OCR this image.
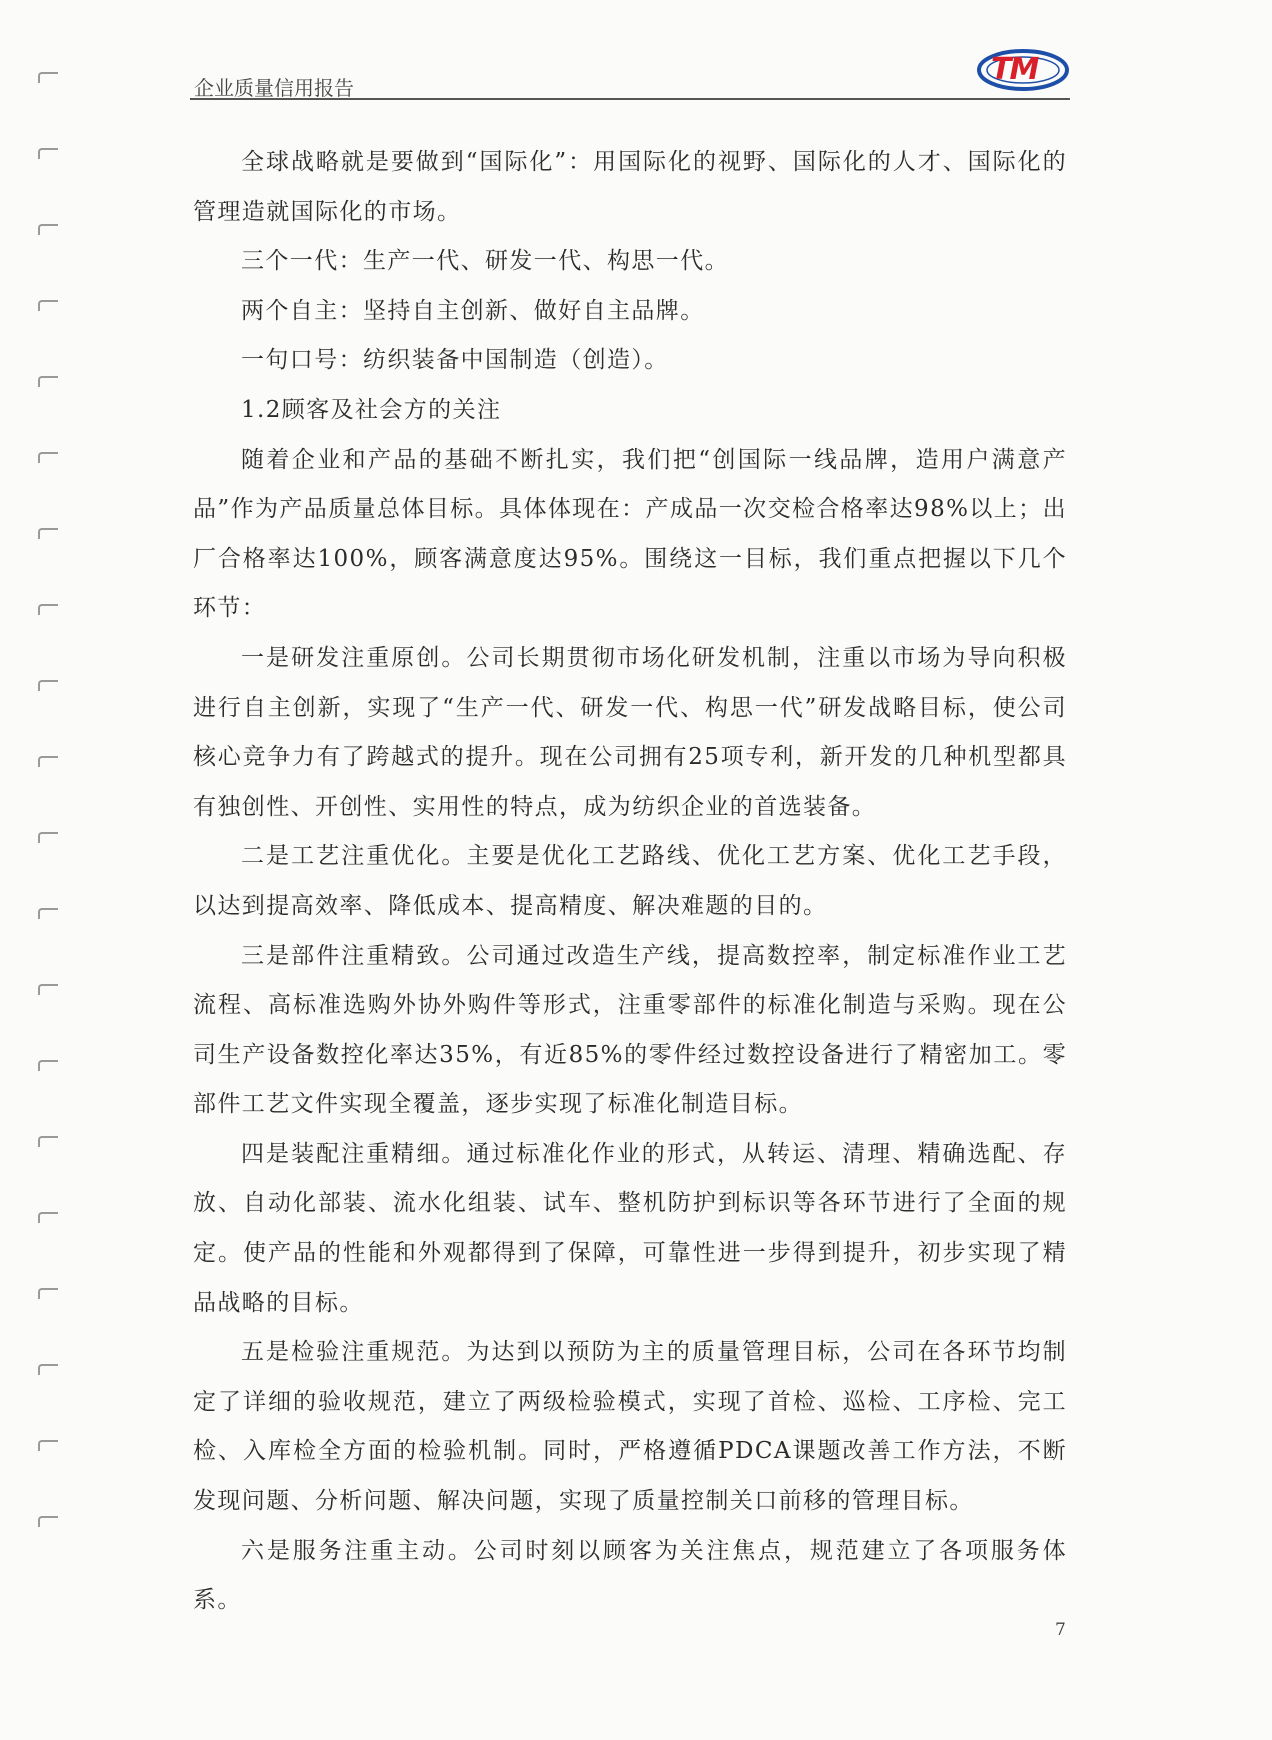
企业质量信用报告
TM

全球战略就是要做到“国际化”：用国际化的视野、国际化的人才、国际化的管理造就国际化的市场。

三个一代：生产一代、研发一代、构思一代。

两个自主：坚持自主创新、做好自主品牌。

一句口号：纺织装备中国制造（创造）。

1.2顾客及社会方的关注

随着企业和产品的基础不断扎实，我们把“创国际一线品牌，造用户满意产品”作为产品质量总体目标。具体体现在：产成品一次交检合格率达98%以上；出厂合格率达100%，顾客满意度达95%。围绕这一目标，我们重点把握以下几个环节：

一是研发注重原创。公司长期贯彻市场化研发机制，注重以市场为导向积极进行自主创新，实现了“生产一代、研发一代、构思一代”研发战略目标，使公司核心竞争力有了跨越式的提升。现在公司拥有25项专利，新开发的几种机型都具有独创性、开创性、实用性的特点，成为纺织企业的首选装备。

二是工艺注重优化。主要是优化工艺路线、优化工艺方案、优化工艺手段，以达到提高效率、降低成本、提高精度、解决难题的目的。

三是部件注重精致。公司通过改造生产线，提高数控率，制定标准作业工艺流程、高标准选购外协外购件等形式，注重零部件的标准化制造与采购。现在公司生产设备数控化率达35%，有近85%的零件经过数控设备进行了精密加工。零部件工艺文件实现全覆盖，逐步实现了标准化制造目标。

四是装配注重精细。通过标准化作业的形式，从转运、清理、精确选配、存放、自动化部装、流水化组装、试车、整机防护到标识等各环节进行了全面的规定。使产品的性能和外观都得到了保障，可靠性进一步得到提升，初步实现了精品战略的目标。

五是检验注重规范。为达到以预防为主的质量管理目标，公司在各环节均制定了详细的验收规范，建立了两级检验模式，实现了首检、巡检、工序检、完工检、入库检全方面的检验机制。同时，严格遵循PDCA课题改善工作方法，不断发现问题、分析问题、解决问题，实现了质量控制关口前移的管理目标。

六是服务注重主动。公司时刻以顾客为关注焦点，规范建立了各项服务体系。

7
